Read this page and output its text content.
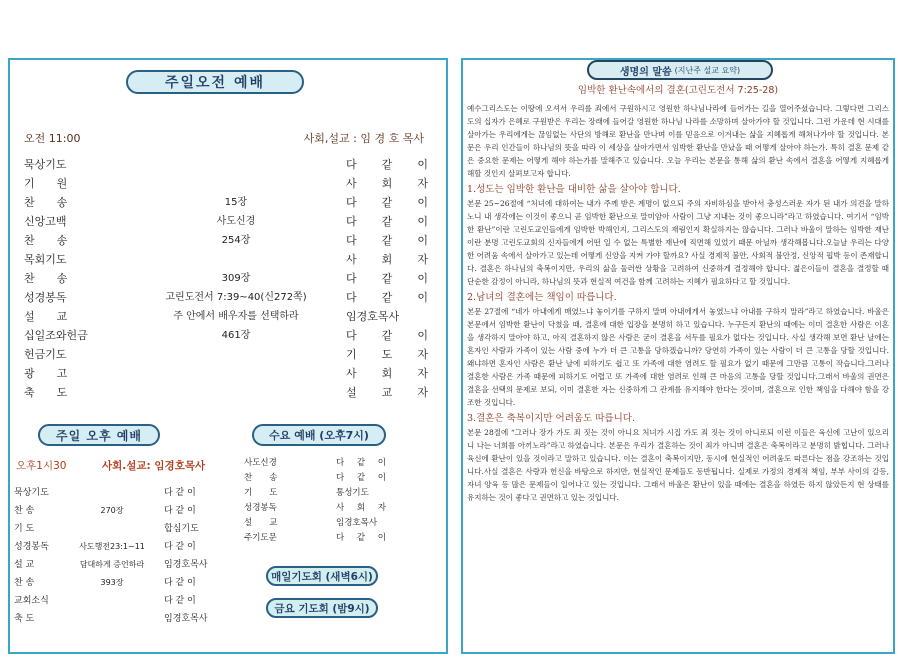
주일오전 예배
오전 11:00	사회,설교 : 임 경 호 목사
묵상기도	다 같 이
기　　원	사 회 자
찬　　송	15장	다 같 이
신앙고백	사도신경	다 같 이
찬　　송	254장	다 같 이
목회기도	사 회 자
찬　　송	309장	다 같 이
성경봉독	고린도전서 7:39~40(신272쪽)	다 같 이
설　　교	주 안에서 배우자를 선택하라	임경호목사
십일조와헌금	461장	다 같 이
헌금기도	기 도 자
광　　고	사 회 자
축　　도	설 교 자
주일 오후 예배
오후1시30	사회.설교: 임경호목사
묵상기도	다 같 이
찬 송	270장	다 같 이
기 도	합심기도
성경봉독	사도행전23:1~11	다 같 이
설 교	담대하게 증언하라	임경호목사
찬 송	393장	다 같 이
교회소식	다 같 이
축 도	임경호목사
수요 예배 (오후7시)
사도신경	다 같 이
찬　　송	다 같 이
기　　도	통성기도
성경봉독	사 회 자
설　　교	임경호목사
주기도문	다 같 이
매일기도회 (새벽6시)
금요 기도회 (밤9시)
생명의 말씀 (지난주 설교 요약)
임박한 환난속에서의 결혼(고린도전서 7:25-28)

예수그리스도는 이땅에 오셔서 우리를 죄에서 구원하시고 영원한 하나님나라에 들어가는 길을 열어주셨습니다. 그렇다면 그리스도의 십자가 은혜로 구원받은 우리는 장래에 들어갈 영원한 하나님 나라를 소망하며 살아가야 할 것입니다. 그런 가운데 현 시대를 살아가는 우리에게는 끊임없는 사단의 방해로 환난을 만나며 이를 믿음으로 이겨내는 삶을 지혜롭게 해쳐나가야 할 것입니다. 본문은 우리 인간들이 하나님의 뜻을 따라 이 세상을 살아가면서 임박한 환난을 만났을 때 어떻게 살아야 하는가. 특히 결혼 문제 같은 중요한 문제는 어떻게 해야 하는가를 말해주고 있습니다. 오늘 우리는 본문을 통해 삶의 환난 속에서 결혼을 어떻게 지혜롭게 해할 것인지 살펴보고자 합니다.

1.성도는 임박한 환난을 대비한 삶을 살아야 합니다.

본문 25~26절에 “처녀에 대하여는 내가 주께 받은 계명이 없으되 주의 자비하심을 받아서 충성스러운 자가 된 내가 의견을 말하노니 내 생각에는 이것이 좋으니 곧 임박한 환난으로 말미암아 사람이 그냥 지내는 것이 좋으니라”라고 하였습니다. 여기서 “임박한 환난”이란 고린도교인들에게 임박한 박해인지, 그리스도의 재림인지 확실하지는 않습니다. 그러나 바울이 말하는 임박한 재난이란 분명 고린도교회의 신자들에게 어떤 일 수 없는 특별한 재난에 직면해 있었기 때문 아닐까 생각해봅니다.오늘날 우리는 다양한 어려움 속에서 살아가고 있는데 어떻게 신앙을 지켜 가야 할까요? 사실 경제적 불안, 사회적 불안정, 신앙적 핍박 등이 존재합니다. 결혼은 하나님의 축복이지만, 우리의 삶을 둘러싼 상황을 고려하여 신중하게 결정해야 합니다. 젊은이들이 결혼을 결정할 때 단순한 감정이 아니라, 하나님의 뜻과 현실적 여건을 함께 고려하는 지혜가 필요하다고 할 것입니다.

2.남녀의 결혼에는 책임이 따릅니다.

본문 27절에 “네가 아내에게 매였느냐 놓이기를 구하지 말며 아내에게서 놓였느냐 아내를 구하지 말라”라고 하였습니다. 바울은 본문에서 임박한 환난이 닥쳤을 때, 결혼에 대한 입장을 분명히 하고 있습니다. 누구든지 환난의 때에는 이미 결혼한 사람은 이혼을 생각하지 말아야 하고, 아직 결혼하지 않은 사람은 굳이 결혼을 서두를 필요가 없다는 것입니다. 사실 생각해 보면 환난 날에는 혼자인 사람과 가족이 있는 사람 중에 누가 더 큰 고통을 당하겠습니까? 당연히 가족이 있는 사람이 더 큰 고통을 당할 것입니다. 왜냐하면 혼자인 사람은 환난 날에 피하기도 쉽고 또 가족에 대한 염려도 할 필요가 없기 때문에 그만큼 고통이 작습니다.그러나 결혼한 사람은 가족 때문에 피하기도 어렵고 또 가족에 대한 염려로 인해 큰 마음의 고통을 당할 것입니다.그래서 바울의 권면은 결혼을 선택의 문제로 보되, 이미 결혼한 자는 신중하게 그 관계를 유지해야 한다는 것이며, 결혼으로 인한 책임을 다해야 함을 강조한 것입니다.

3.결혼은 축복이지만 어려움도 따릅니다.

본문 28절에 “그러나 장가 가도 죄 짓는 것이 아니요 처녀가 시집 가도 죄 짓는 것이 아니로되 이런 이들은 육신에 고난이 있으리니 나는 너희를 아끼노라”라고 하였습니다. 본문은 우리가 결혼하는 것이 죄가 아니며 결혼은 축복이라고 분명히 밝힙니다. 그러나 육신에 환난이 있을 것이라고 말하고 있습니다. 이는 결혼이 축복이지만, 동시에 현실적인 어려움도 따른다는 점을 강조하는 것입니다.사실 결혼은 사랑과 헌신을 바탕으로 하지만, 현실적인 문제들도 동반됩니다. 실제로 가정의 경제적 책임, 부부 사이의 갈등, 자녀 양육 등 많은 문제들이 일어나고 있는 것입니다. 그래서 바울은 환난이 있을 때에는 결혼을 하였든 하지 않았든지 현 상태를 유지하는 것이 좋다고 권면하고 있는 것입니다.
